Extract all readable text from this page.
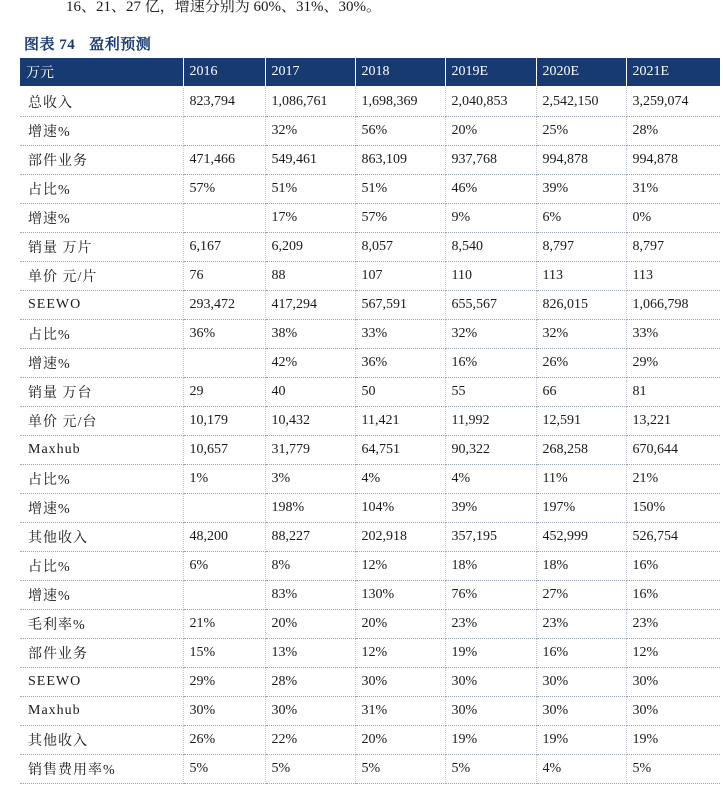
16、21、27 亿，增速分别为 60%、31%、30%。
图表 74 盈利预测
万元	2016	2017	2018	2019E	2020E	2021E
总收入	823,794	1,086,761	1,698,369	2,040,853	2,542,150	3,259,074
增速%		32%	56%	20%	25%	28%
部件业务	471,466	549,461	863,109	937,768	994,878	994,878
占比%	57%	51%	51%	46%	39%	31%
增速%		17%	57%	9%	6%	0%
销量 万片	6,167	6,209	8,057	8,540	8,797	8,797
单价 元/片	76	88	107	110	113	113
SEEWO	293,472	417,294	567,591	655,567	826,015	1,066,798
占比%	36%	38%	33%	32%	32%	33%
增速%		42%	36%	16%	26%	29%
销量 万台	29	40	50	55	66	81
单价 元/台	10,179	10,432	11,421	11,992	12,591	13,221
Maxhub	10,657	31,779	64,751	90,322	268,258	670,644
占比%	1%	3%	4%	4%	11%	21%
增速%		198%	104%	39%	197%	150%
其他收入	48,200	88,227	202,918	357,195	452,999	526,754
占比%	6%	8%	12%	18%	18%	16%
增速%		83%	130%	76%	27%	16%
毛利率%	21%	20%	20%	23%	23%	23%
部件业务	15%	13%	12%	19%	16%	12%
SEEWO	29%	28%	30%	30%	30%	30%
Maxhub	30%	30%	31%	30%	30%	30%
其他收入	26%	22%	20%	19%	19%	19%
销售费用率%	5%	5%	5%	5%	4%	5%
